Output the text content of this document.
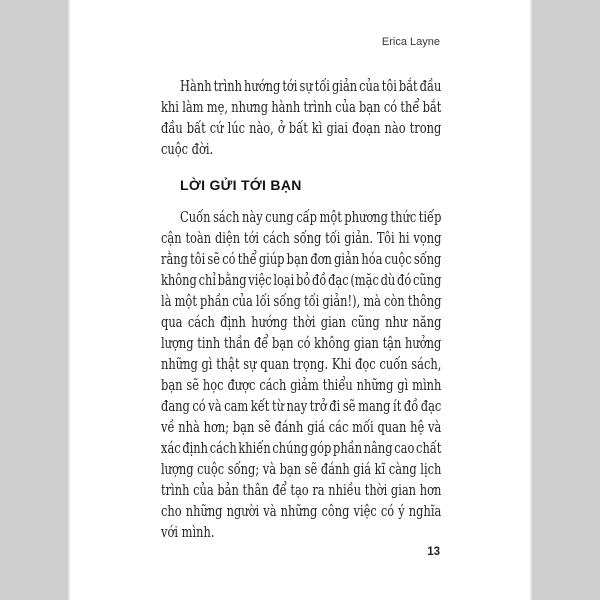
Erica Layne
Hành trình hướng tới sự tối giản của tôi bắt đầu
khi làm mẹ, nhưng hành trình của bạn có thể bắt
đầu bất cứ lúc nào, ở bất kì giai đoạn nào trong
cuộc đời.
LỜI GỬI TỚI BẠN
Cuốn sách này cung cấp một phương thức tiếp
cận toàn diện tới cách sống tối giản. Tôi hi vọng
rằng tôi sẽ có thể giúp bạn đơn giản hóa cuộc sống
không chỉ bằng việc loại bỏ đồ đạc (mặc dù đó cũng
là một phần của lối sống tối giản!), mà còn thông
qua cách định hướng thời gian cũng như năng
lượng tinh thần để bạn có không gian tận hưởng
những gì thật sự quan trọng. Khi đọc cuốn sách,
bạn sẽ học được cách giảm thiểu những gì mình
đang có và cam kết từ nay trở đi sẽ mang ít đồ đạc
về nhà hơn; bạn sẽ đánh giá các mối quan hệ và
xác định cách khiến chúng góp phần nâng cao chất
lượng cuộc sống; và bạn sẽ đánh giá kĩ càng lịch
trình của bản thân để tạo ra nhiều thời gian hơn
cho những người và những công việc có ý nghĩa
với mình.
13
